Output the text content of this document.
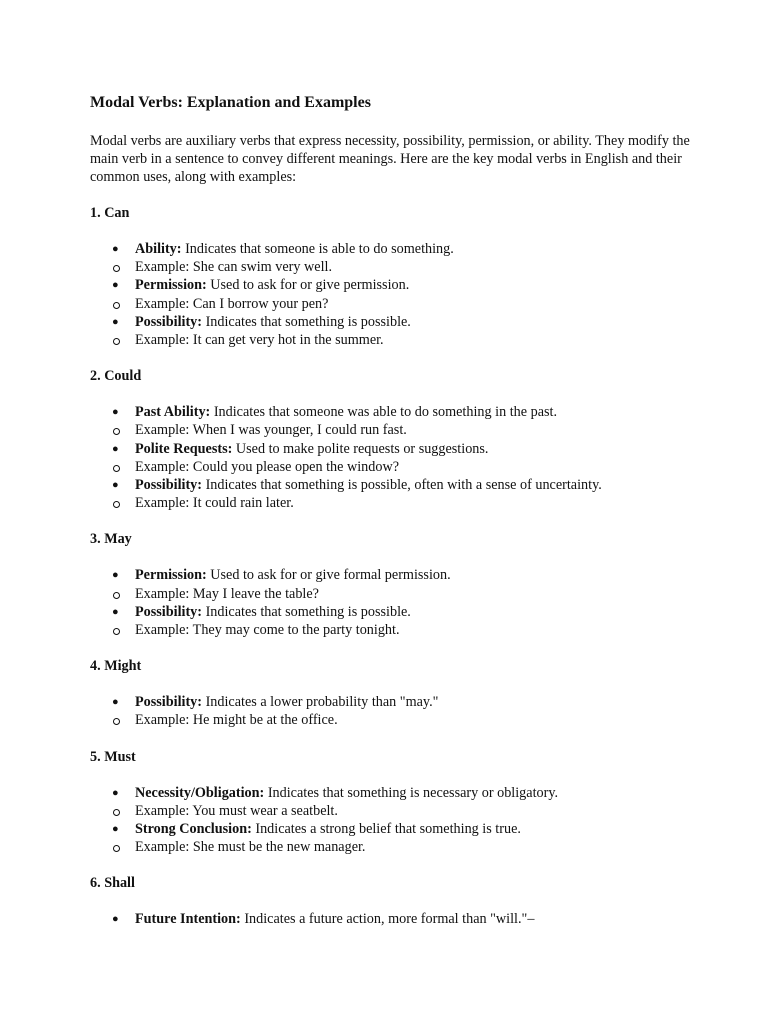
Modal Verbs: Explanation and Examples
Modal verbs are auxiliary verbs that express necessity, possibility, permission, or ability. They modify the main verb in a sentence to convey different meanings. Here are the key modal verbs in English and their common uses, along with examples:
1. Can
● Ability: Indicates that someone is able to do something.
Example: She can swim very well.
● Permission: Used to ask for or give permission.
Example: Can I borrow your pen?
● Possibility: Indicates that something is possible.
Example: It can get very hot in the summer.
2. Could
● Past Ability: Indicates that someone was able to do something in the past.
Example: When I was younger, I could run fast.
● Polite Requests: Used to make polite requests or suggestions.
Example: Could you please open the window?
● Possibility: Indicates that something is possible, often with a sense of uncertainty.
Example: It could rain later.
3. May
● Permission: Used to ask for or give formal permission.
Example: May I leave the table?
● Possibility: Indicates that something is possible.
Example: They may come to the party tonight.
4. Might
● Possibility: Indicates a lower probability than "may."
Example: He might be at the office.
5. Must
● Necessity/Obligation: Indicates that something is necessary or obligatory.
Example: You must wear a seatbelt.
● Strong Conclusion: Indicates a strong belief that something is true.
Example: She must be the new manager.
6. Shall
● Future Intention: Indicates a future action, more formal than "will."–
